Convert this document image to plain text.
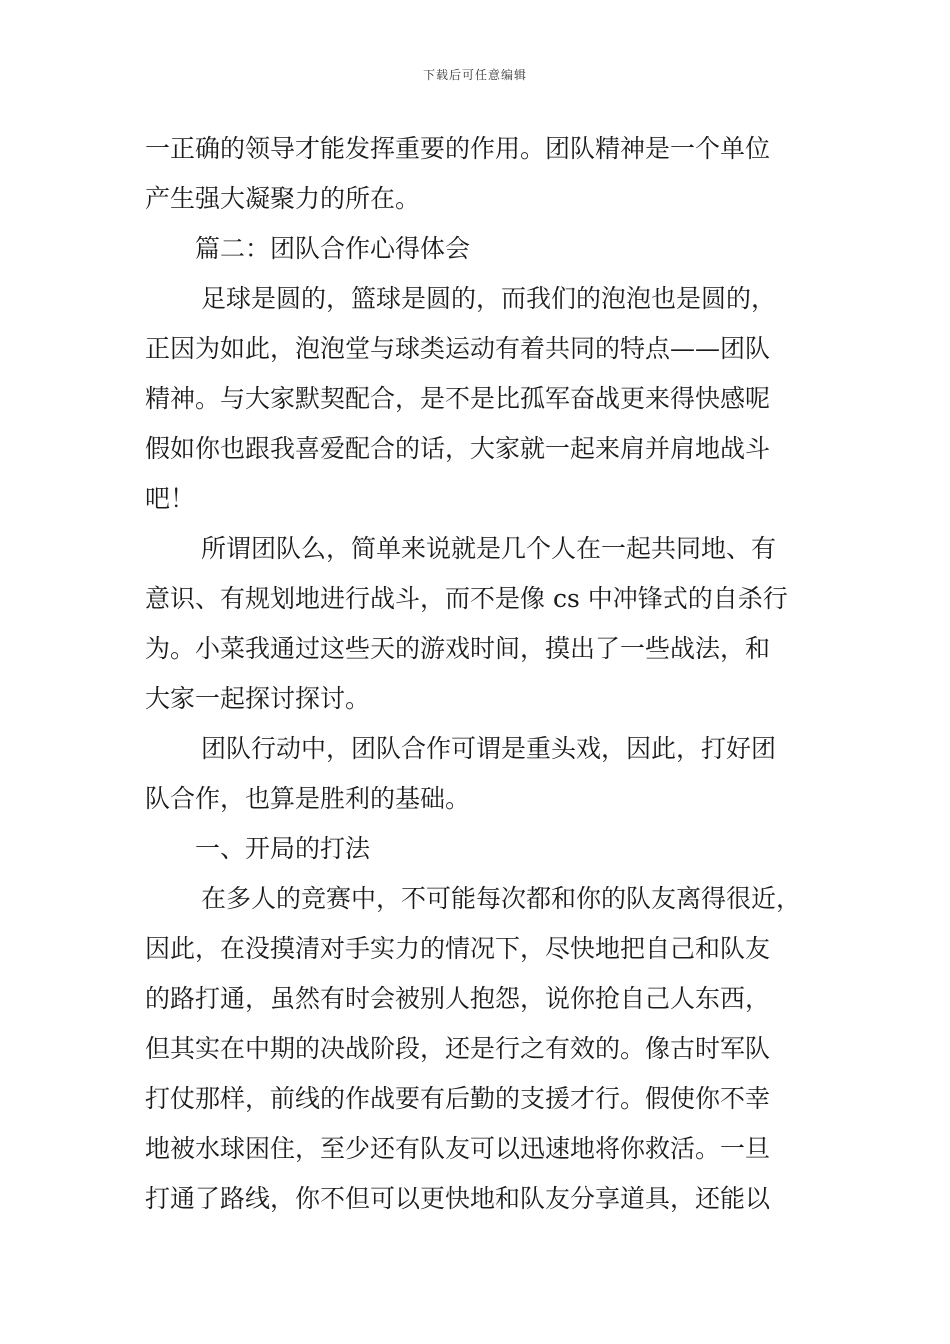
下载后可任意编辑
一正确的领导才能发挥重要的作用。团队精神是一个单位
产生强大凝聚力的所在。
篇二：团队合作心得体会
足球是圆的，篮球是圆的，而我们的泡泡也是圆的，
正因为如此，泡泡堂与球类运动有着共同的特点——团队
精神。与大家默契配合，是不是比孤军奋战更来得快感呢
假如你也跟我喜爱配合的话，大家就一起来肩并肩地战斗
吧！
所谓团队么，简单来说就是几个人在一起共同地、有
意识、有规划地进行战斗，而不是像 cs 中冲锋式的自杀行
为。小菜我通过这些天的游戏时间，摸出了一些战法，和
大家一起探讨探讨。
团队行动中，团队合作可谓是重头戏，因此，打好团
队合作，也算是胜利的基础。
一、开局的打法
在多人的竞赛中，不可能每次都和你的队友离得很近，
因此，在没摸清对手实力的情况下，尽快地把自己和队友
的路打通，虽然有时会被别人抱怨，说你抢自己人东西，
但其实在中期的决战阶段，还是行之有效的。像古时军队
打仗那样，前线的作战要有后勤的支援才行。假使你不幸
地被水球困住，至少还有队友可以迅速地将你救活。一旦
打通了路线，你不但可以更快地和队友分享道具，还能以
